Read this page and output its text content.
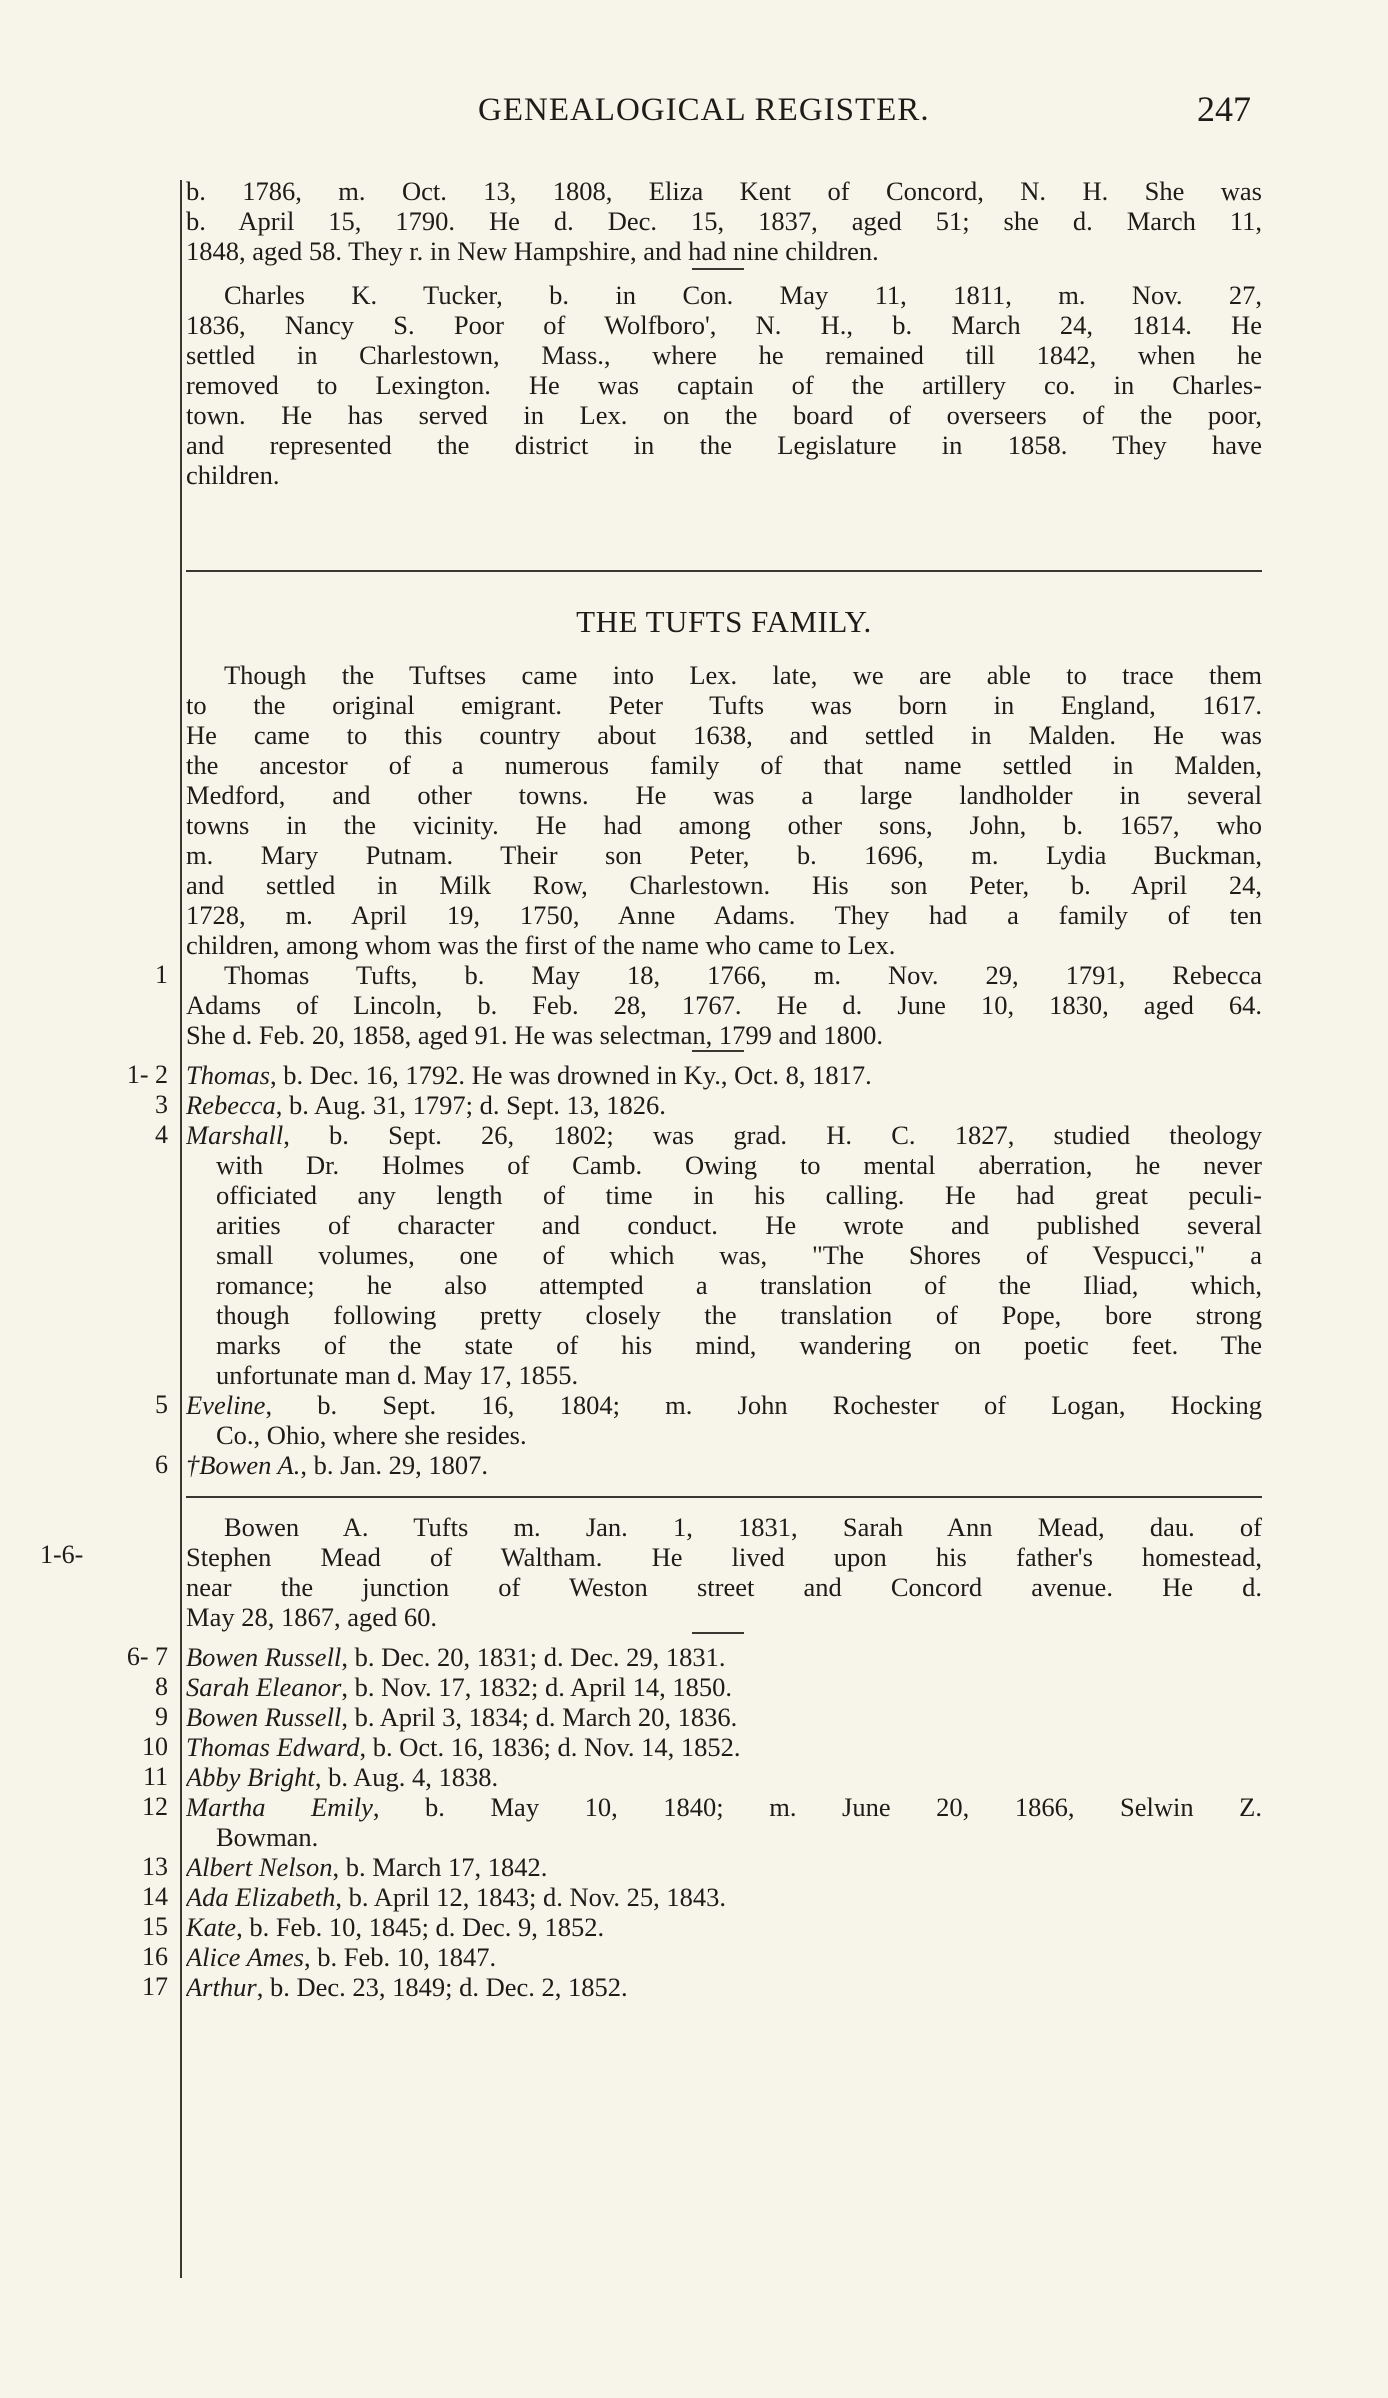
GENEALOGICAL REGISTER.	247
b. 1786, m. Oct. 13, 1808, Eliza Kent of Concord, N. H. She was
b. April 15, 1790. He d. Dec. 15, 1837, aged 51; she d. March 11,
1848, aged 58. They r. in New Hampshire, and had nine children.
Charles K. Tucker, b. in Con. May 11, 1811, m. Nov. 27,
1836, Nancy S. Poor of Wolfboro', N. H., b. March 24, 1814. He
settled in Charlestown, Mass., where he remained till 1842, when he
removed to Lexington. He was captain of the artillery co. in Charles-
town. He has served in Lex. on the board of overseers of the poor,
and represented the district in the Legislature in 1858. They have
children.
THE TUFTS FAMILY.
Though the Tuftses came into Lex. late, we are able to trace them
to the original emigrant. Peter Tufts was born in England, 1617.
He came to this country about 1638, and settled in Malden. He was
the ancestor of a numerous family of that name settled in Malden,
Medford, and other towns. He was a large landholder in several
towns in the vicinity. He had among other sons, John, b. 1657, who
m. Mary Putnam. Their son Peter, b. 1696, m. Lydia Buckman,
and settled in Milk Row, Charlestown. His son Peter, b. April 24,
1728, m. April 19, 1750, Anne Adams. They had a family of ten
children, among whom was the first of the name who came to Lex.
1	Thomas Tufts, b. May 18, 1766, m. Nov. 29, 1791, Rebecca
Adams of Lincoln, b. Feb. 28, 1767. He d. June 10, 1830, aged 64.
She d. Feb. 20, 1858, aged 91. He was selectman, 1799 and 1800.
1- 2
3
4
5
6
Thomas, b. Dec. 16, 1792. He was drowned in Ky., Oct. 8, 1817.
Rebecca, b. Aug. 31, 1797; d. Sept. 13, 1826.
Marshall, b. Sept. 26, 1802; was grad. H. C. 1827, studied theology
with Dr. Holmes of Camb. Owing to mental aberration, he never
officiated any length of time in his calling. He had great peculi-
arities of character and conduct. He wrote and published several
small volumes, one of which was, "The Shores of Vespucci," a
romance; he also attempted a translation of the Iliad, which,
though following pretty closely the translation of Pope, bore strong
marks of the state of his mind, wandering on poetic feet. The
unfortunate man d. May 17, 1855.
Eveline, b. Sept. 16, 1804; m. John Rochester of Logan, Hocking
Co., Ohio, where she resides.
†Bowen A., b. Jan. 29, 1807.
1-6-
Bowen A. Tufts m. Jan. 1, 1831, Sarah Ann Mead, dau. of
Stephen Mead of Waltham. He lived upon his father's homestead,
near the junction of Weston street and Concord avenue. He d.
May 28, 1867, aged 60.
6- 7
8
9
10
11
12
13
14
15
16
17
Bowen Russell, b. Dec. 20, 1831; d. Dec. 29, 1831.
Sarah Eleanor, b. Nov. 17, 1832; d. April 14, 1850.
Bowen Russell, b. April 3, 1834; d. March 20, 1836.
Thomas Edward, b. Oct. 16, 1836; d. Nov. 14, 1852.
Abby Bright, b. Aug. 4, 1838.
Martha Emily, b. May 10, 1840; m. June 20, 1866, Selwin Z.
Bowman.
Albert Nelson, b. March 17, 1842.
Ada Elizabeth, b. April 12, 1843; d. Nov. 25, 1843.
Kate, b. Feb. 10, 1845; d. Dec. 9, 1852.
Alice Ames, b. Feb. 10, 1847.
Arthur, b. Dec. 23, 1849; d. Dec. 2, 1852.
